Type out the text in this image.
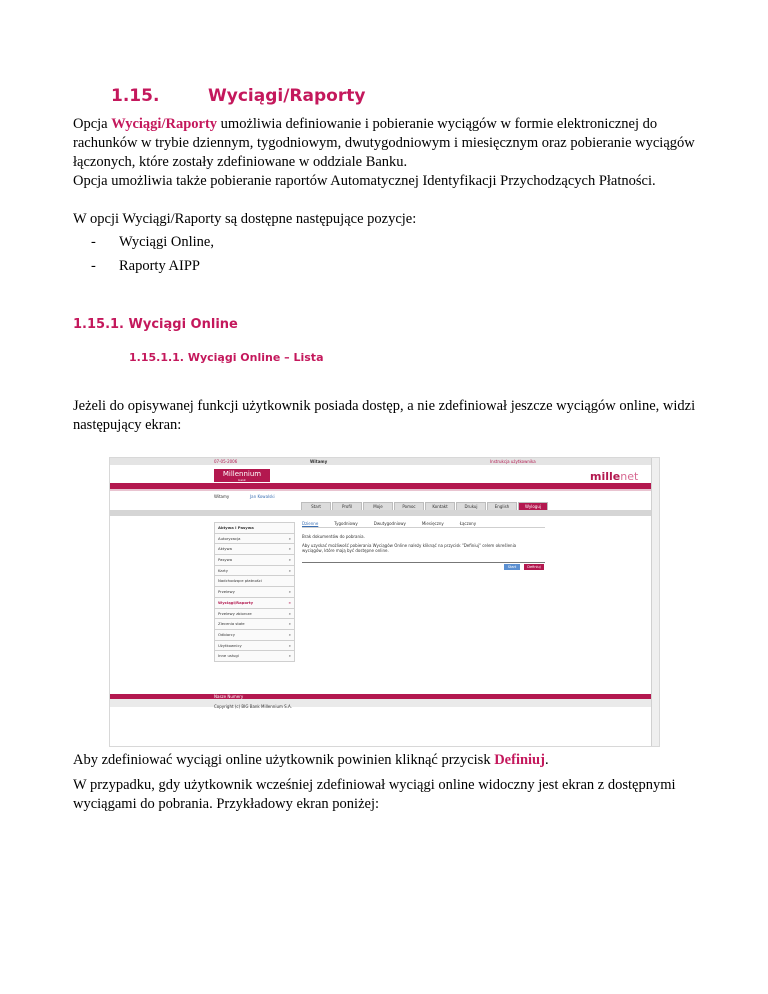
1.15.	Wyciągi/Raporty
Opcja Wyciągi/Raporty umożliwia definiowanie i pobieranie wyciągów w formie elektronicznej do rachunków w trybie dziennym, tygodniowym, dwutygodniowym i miesięcznym oraz pobieranie wyciągów łączonych, które zostały zdefiniowane w oddziale Banku.
Opcja umożliwia także pobieranie raportów Automatycznej Identyfikacji Przychodzących Płatności.
W opcji Wyciągi/Raporty są dostępne następujące pozycje:
- Wyciągi Online,
- Raporty AIPP
1.15.1. Wyciągi Online
1.15.1.1. Wyciągi Online – Lista
Jeżeli do opisywanej funkcji użytkownik posiada dostęp, a nie zdefiniował jeszcze wyciągów online, widzi następujący ekran:
07-05-2006	Witamy	Instrukcja użytkownika
Millennium
bank	millenet
Witamy	Jan Kowalski
Start	Profil	Moje	Pomoc	Kontakt	Drukuj	English	Wyloguj
Aktywa i Pasywa
Autoryzacja	»
Aktywa	»
Pasywa	»
Karty	»
Nadchodzące płatności
Przelewy	»
Wyciągi/Raporty	»
Przelewy zbiorcze	»
Zlecenia stałe	»
Odbiorcy	»
Użytkownicy	»
Inne usługi	»
Dzienne	Tygodniowy	Dwutygodniowy	Miesięczny	Łączony
Brak dokumentów do pobrania.
Aby uzyskać możliwość pobierania Wyciągów Online należy kliknąć na przycisk "Definiuj" celem określenia wyciągów, które mają być dostępne online.
Start	Definiuj
Nasze Numery
Copyright (c) BIG Bank Millennium S.A.
Aby zdefiniować wyciągi online użytkownik powinien kliknąć przycisk Definiuj.
W przypadku, gdy użytkownik wcześniej zdefiniował wyciągi online widoczny jest ekran z dostępnymi wyciągami do pobrania. Przykładowy ekran poniżej:
